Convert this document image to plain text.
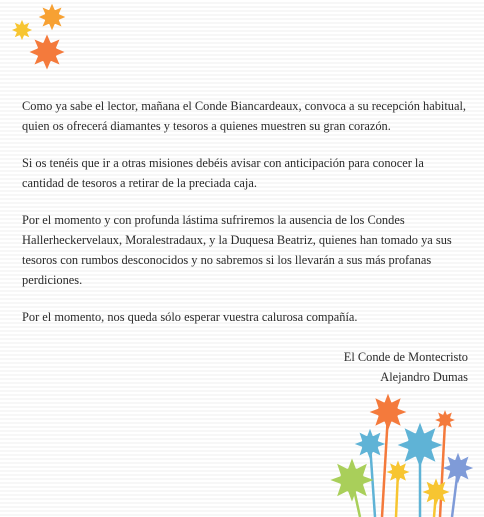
Como ya sabe el lector, mañana el Conde Biancardeaux, convoca a su recepción habitual, quien os ofrecerá diamantes y tesoros a quienes muestren su gran corazón.

Si os tenéis que ir a otras misiones debéis avisar con anticipación para conocer la cantidad de tesoros a retirar de la preciada caja.

Por el momento y con profunda lástima sufriremos la ausencia de los Condes Hallerheckervelaux, Moralestradaux, y la Duquesa Beatriz, quienes han tomado ya sus tesoros con rumbos desconocidos y no sabremos si los llevarán a sus más profanas perdiciones.

Por el momento, nos queda sólo esperar vuestra calurosa compañía.

El Conde de Montecristo
Alejandro Dumas
